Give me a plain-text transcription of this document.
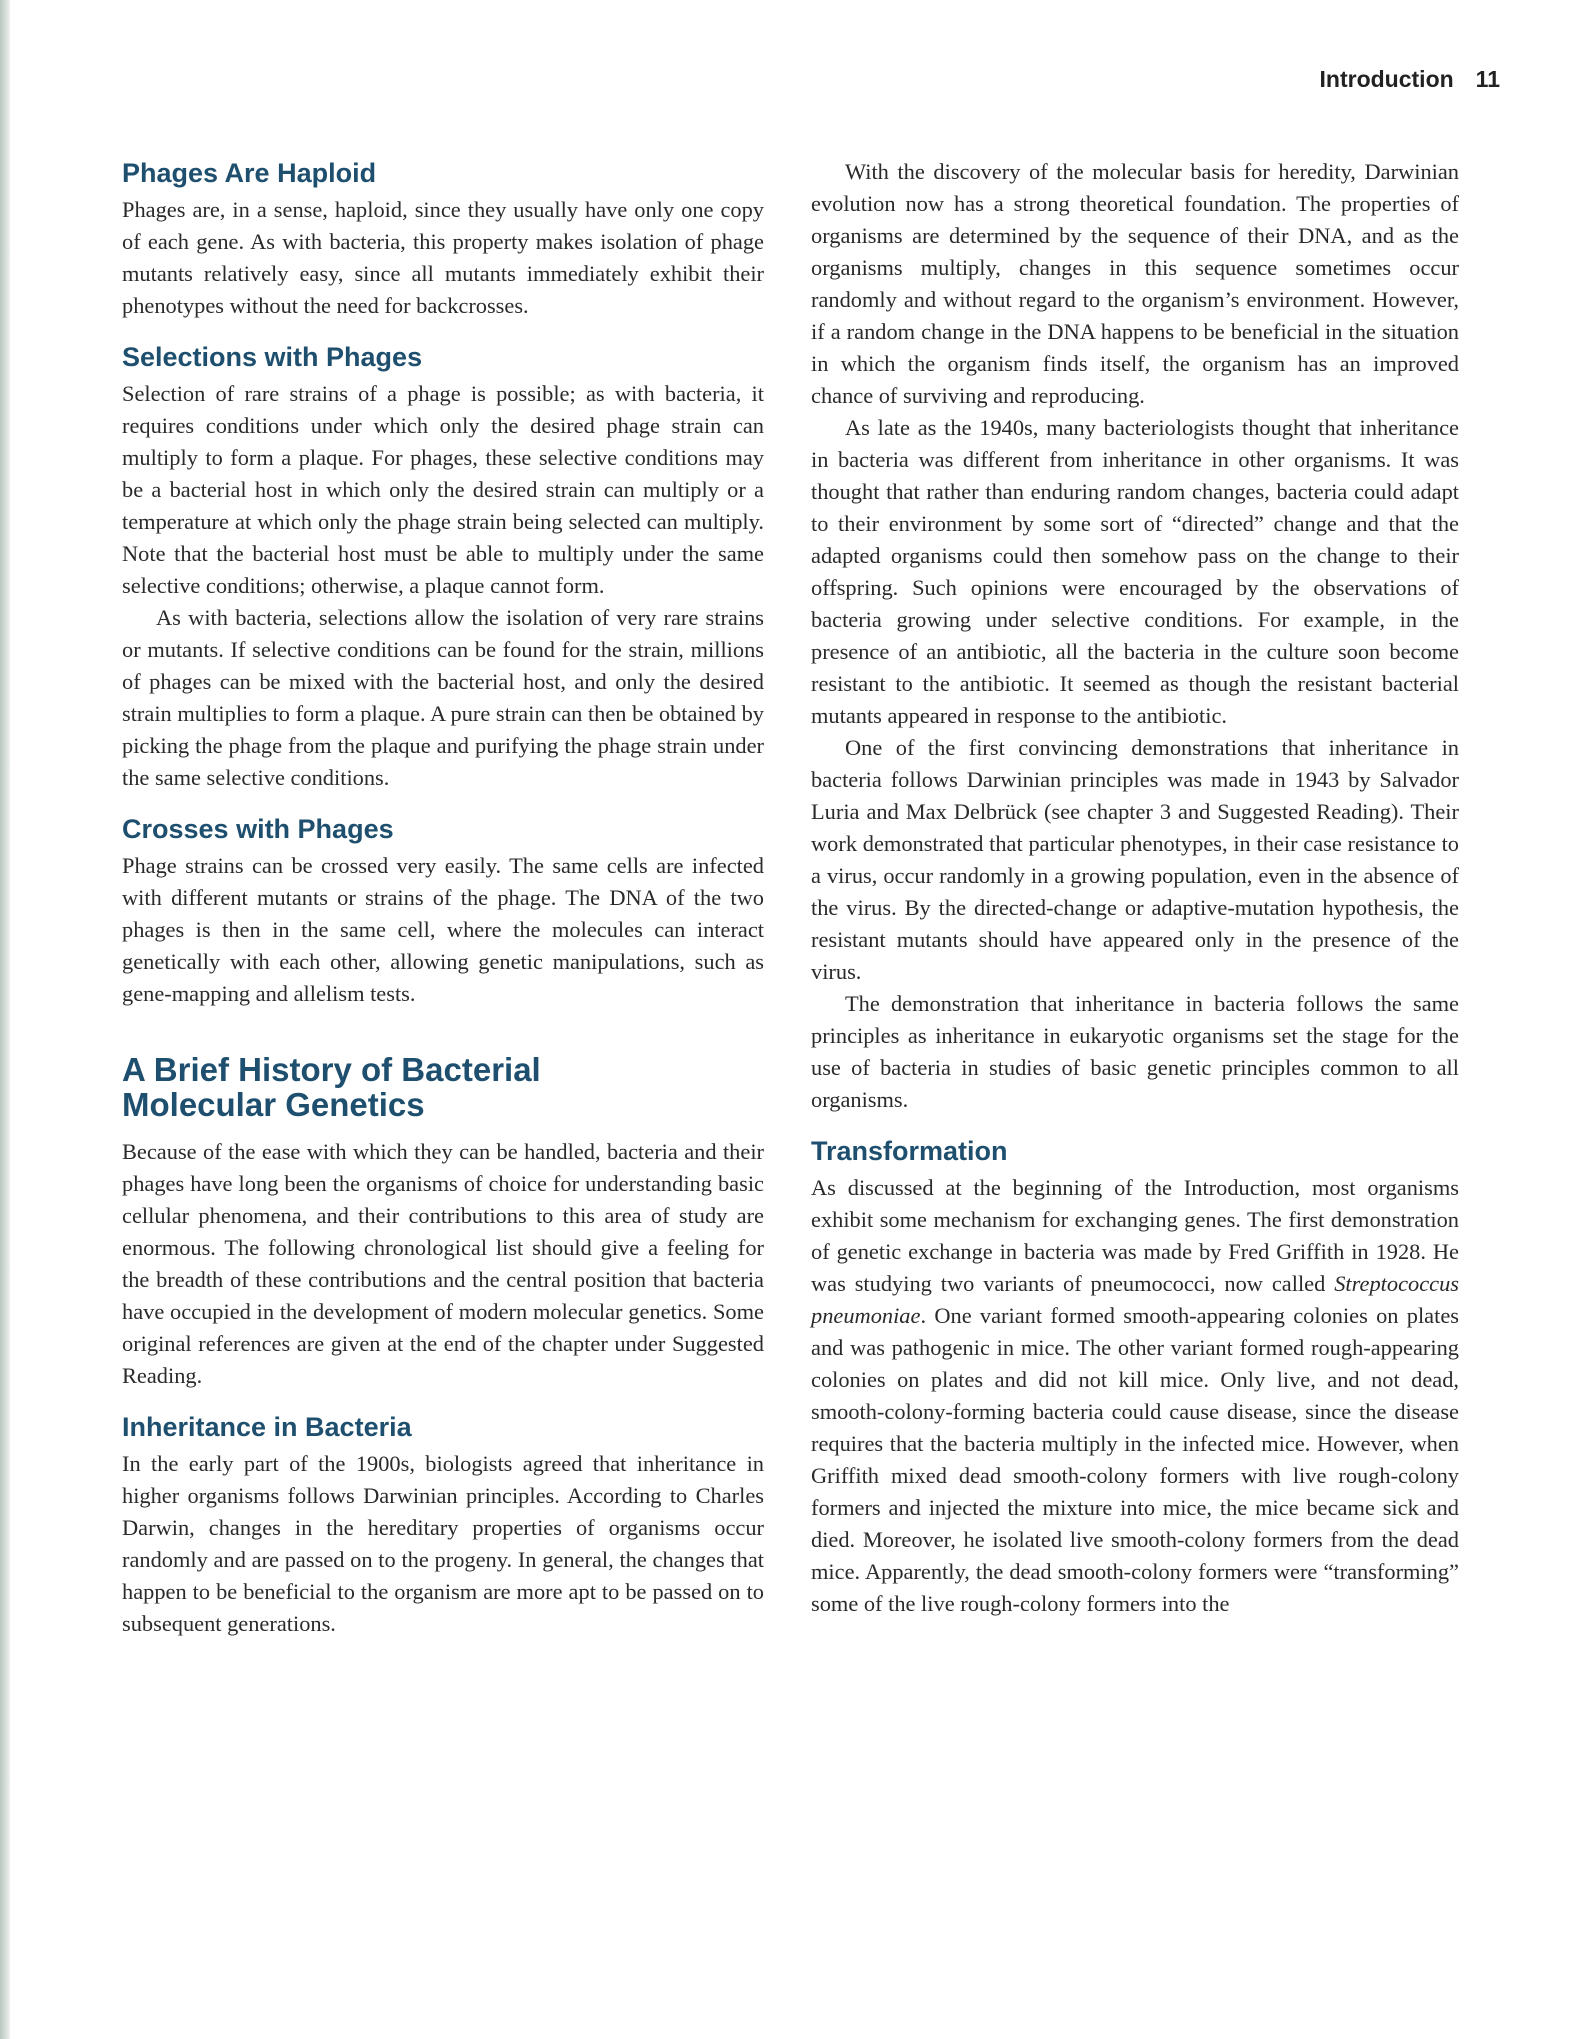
Introduction 11
Phages Are Haploid

Phages are, in a sense, haploid, since they usually have only one copy of each gene. As with bacteria, this property makes isolation of phage mutants relatively easy, since all mutants immediately exhibit their phenotypes without the need for backcrosses.

Selections with Phages

Selection of rare strains of a phage is possible; as with bacteria, it requires conditions under which only the desired phage strain can multiply to form a plaque. For phages, these selective conditions may be a bacterial host in which only the desired strain can multiply or a temperature at which only the phage strain being selected can multiply. Note that the bacterial host must be able to multiply under the same selective conditions; otherwise, a plaque cannot form.

As with bacteria, selections allow the isolation of very rare strains or mutants. If selective conditions can be found for the strain, millions of phages can be mixed with the bacterial host, and only the desired strain multiplies to form a plaque. A pure strain can then be obtained by picking the phage from the plaque and purifying the phage strain under the same selective conditions.

Crosses with Phages

Phage strains can be crossed very easily. The same cells are infected with different mutants or strains of the phage. The DNA of the two phages is then in the same cell, where the molecules can interact genetically with each other, allowing genetic manipulations, such as gene-mapping and allelism tests.

A Brief History of Bacterial
Molecular Genetics

Because of the ease with which they can be handled, bacteria and their phages have long been the organisms of choice for understanding basic cellular phenomena, and their contributions to this area of study are enormous. The following chronological list should give a feeling for the breadth of these contributions and the central position that bacteria have occupied in the development of modern molecular genetics. Some original references are given at the end of the chapter under Suggested Reading.

Inheritance in Bacteria

In the early part of the 1900s, biologists agreed that inheritance in higher organisms follows Darwinian principles. According to Charles Darwin, changes in the hereditary properties of organisms occur randomly and are passed on to the progeny. In general, the changes that happen to be beneficial to the organism are more apt to be passed on to subsequent generations.

With the discovery of the molecular basis for heredity, Darwinian evolution now has a strong theoretical foundation. The properties of organisms are determined by the sequence of their DNA, and as the organisms multiply, changes in this sequence sometimes occur randomly and without regard to the organism’s environment. However, if a random change in the DNA happens to be beneficial in the situation in which the organism finds itself, the organism has an improved chance of surviving and reproducing.

As late as the 1940s, many bacteriologists thought that inheritance in bacteria was different from inheritance in other organisms. It was thought that rather than enduring random changes, bacteria could adapt to their environment by some sort of “directed” change and that the adapted organisms could then somehow pass on the change to their offspring. Such opinions were encouraged by the observations of bacteria growing under selective conditions. For example, in the presence of an antibiotic, all the bacteria in the culture soon become resistant to the antibiotic. It seemed as though the resistant bacterial mutants appeared in response to the antibiotic.

One of the first convincing demonstrations that inheritance in bacteria follows Darwinian principles was made in 1943 by Salvador Luria and Max Delbrück (see chapter 3 and Suggested Reading). Their work demonstrated that particular phenotypes, in their case resistance to a virus, occur randomly in a growing population, even in the absence of the virus. By the directed-change or adaptive-mutation hypothesis, the resistant mutants should have appeared only in the presence of the virus.

The demonstration that inheritance in bacteria follows the same principles as inheritance in eukaryotic organisms set the stage for the use of bacteria in studies of basic genetic principles common to all organisms.

Transformation

As discussed at the beginning of the Introduction, most organisms exhibit some mechanism for exchanging genes. The first demonstration of genetic exchange in bacteria was made by Fred Griffith in 1928. He was studying two variants of pneumococci, now called Streptococcus pneumoniae. One variant formed smooth-appearing colonies on plates and was pathogenic in mice. The other variant formed rough-appearing colonies on plates and did not kill mice. Only live, and not dead, smooth-colony-forming bacteria could cause disease, since the disease requires that the bacteria multiply in the infected mice. However, when Griffith mixed dead smooth-colony formers with live rough-colony formers and injected the mixture into mice, the mice became sick and died. Moreover, he isolated live smooth-colony formers from the dead mice. Apparently, the dead smooth-colony formers were “transforming” some of the live rough-colony formers into the
